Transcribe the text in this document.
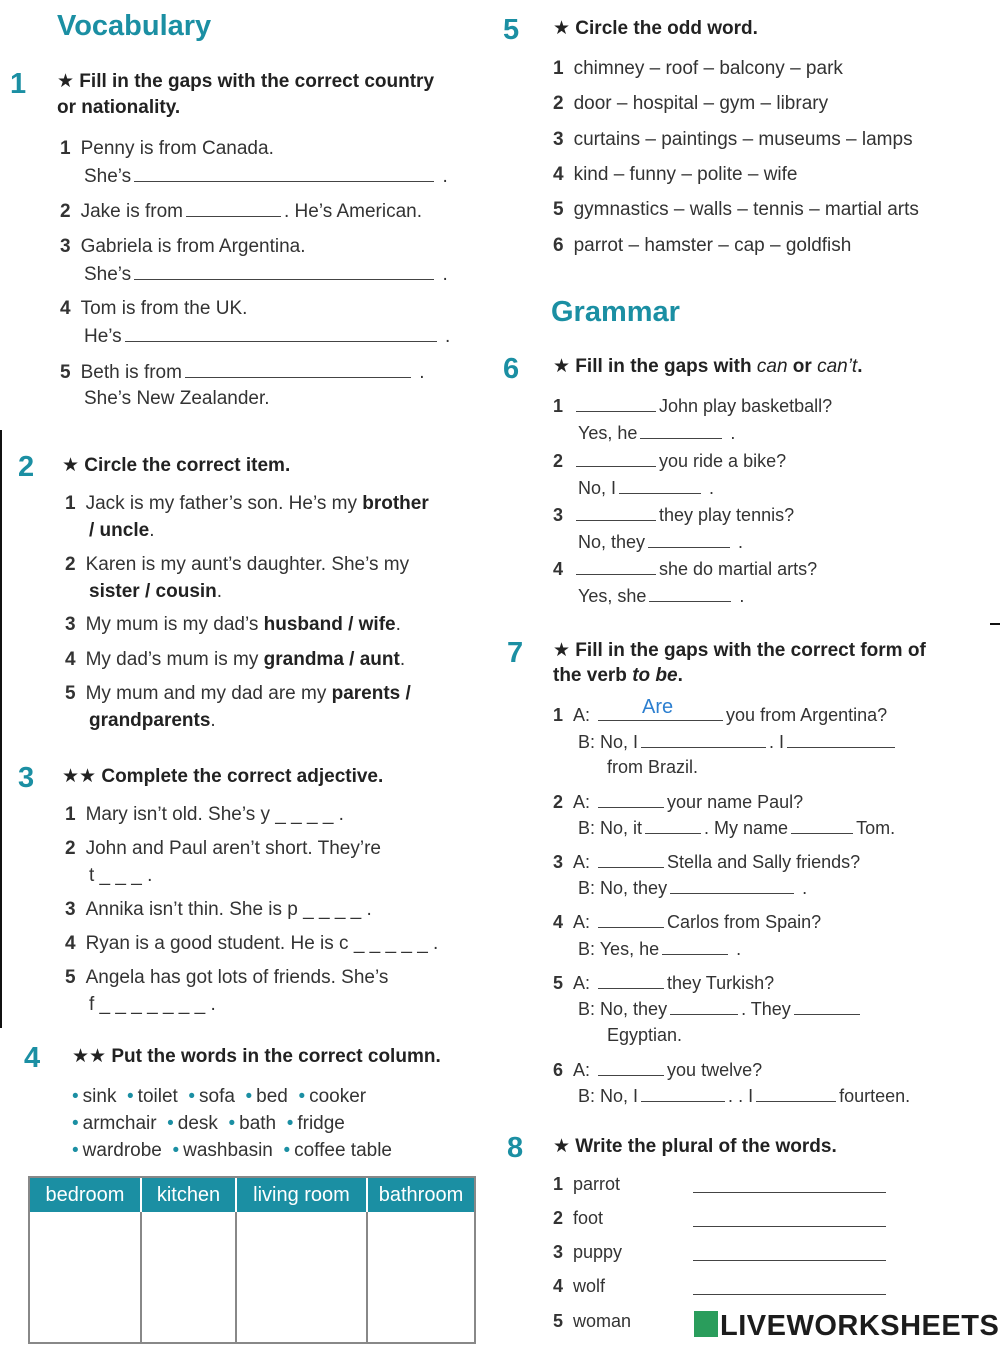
Vocabulary
1 ★ Fill in the gaps with the correct country
or nationality.
1 Penny is from Canada.
She’s	.
2 Jake is from	. He’s American.
3 Gabriela is from Argentina.
She’s	.
4 Tom is from the UK.
He’s	.
5 Beth is from	.
She’s New Zealander.
2 ★ Circle the correct item.
1 Jack is my father’s son. He’s my brother
/ uncle.
2 Karen is my aunt’s daughter. She’s my
sister / cousin.
3 My mum is my dad’s husband / wife.
4 My dad’s mum is my grandma / aunt.
5 My mum and my dad are my parents /
grandparents.
3 ★★ Complete the correct adjective.
1 Mary isn’t old. She’s y _ _ _ _ .
2 John and Paul aren’t short. They’re
t _ _ _ .
3 Annika isn’t thin. She is p _ _ _ _ .
4 Ryan is a good student. He is c _ _ _ _ _ .
5 Angela has got lots of friends. She’s
f _ _ _ _ _ _ _ .
4 ★★ Put the words in the correct column.
• sink • toilet • sofa • bed • cooker
• armchair • desk • bath • fridge
• wardrobe • washbasin • coffee table
bedroom	kitchen	living room	bathroom
5 ★ Circle the odd word.
1 chimney – roof – balcony – park
2 door – hospital – gym – library
3 curtains – paintings – museums – lamps
4 kind – funny – polite – wife
5 gymnastics – walls – tennis – martial arts
6 parrot – hamster – cap – goldfish
Grammar
6 ★ Fill in the gaps with can or can’t.
1	John play basketball?
Yes, he	.
2	you ride a bike?
No, I	.
3	they play tennis?
No, they	.
4	she do martial arts?
Yes, she	.
7 ★ Fill in the gaps with the correct form of
the verb to be.
1 A:	Are	you from Argentina?
B: No, I	. I
from Brazil.
2 A:	your name Paul?
B: No, it	. My name	Tom.
3 A:	Stella and Sally friends?
B: No, they	.
4 A:	Carlos from Spain?
B: Yes, he	.
5 A:	they Turkish?
B: No, they	. They
Egyptian.
6 A:	you twelve?
B: No, I	. . I	fourteen.
8 ★ Write the plural of the words.
1 parrot
2 foot
3 puppy
4 wolf
5 woman	LIVEWORKSHEETS
